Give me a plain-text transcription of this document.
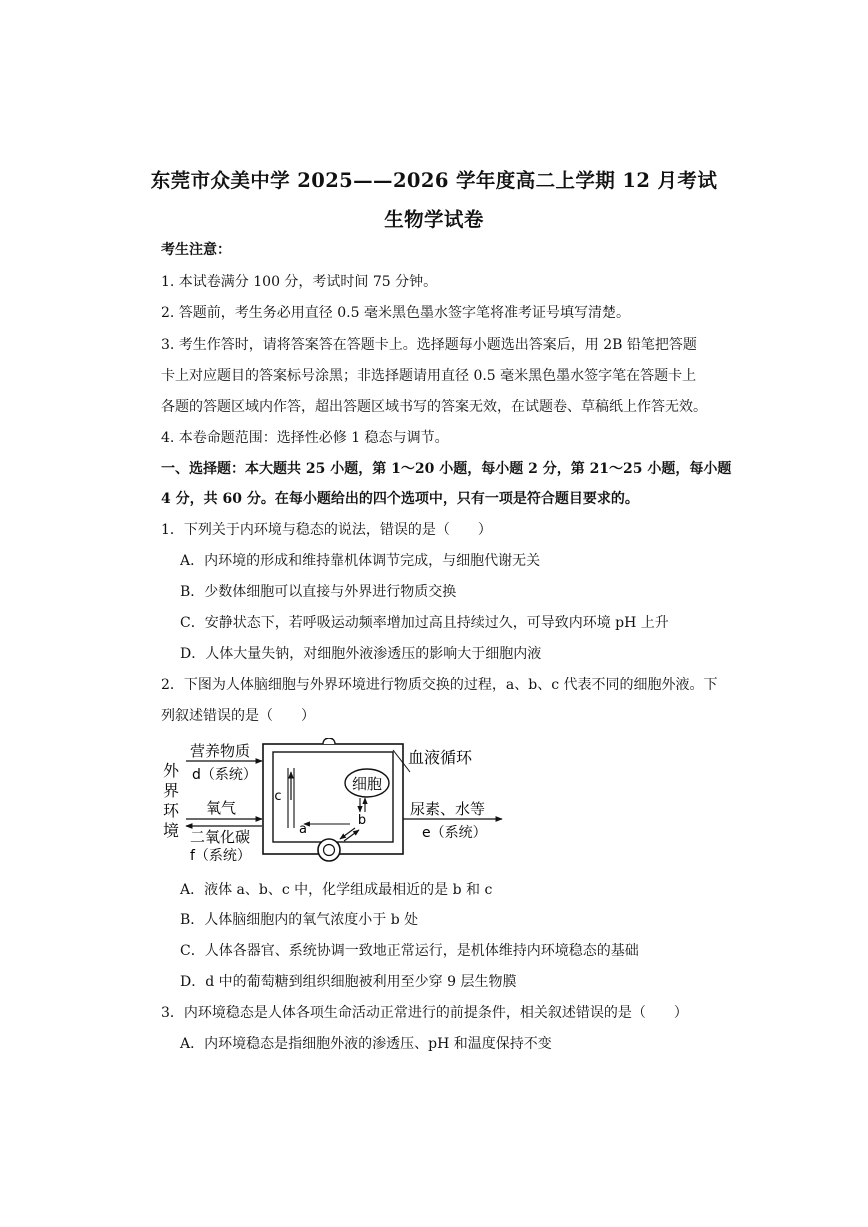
东莞市众美中学 2025——2026 学年度高二上学期 12 月考试
生物学试卷
考生注意：
1. 本试卷满分 100 分，考试时间 75 分钟。
2. 答题前，考生务必用直径 0.5 毫米黑色墨水签字笔将准考证号填写清楚。
3. 考生作答时，请将答案答在答题卡上。选择题每小题选出答案后，用 2B 铅笔把答题
卡上对应题目的答案标号涂黑；非选择题请用直径 0.5 毫米黑色墨水签字笔在答题卡上
各题的答题区域内作答，超出答题区域书写的答案无效，在试题卷、草稿纸上作答无效。
4. 本卷命题范围：选择性必修 1 稳态与调节。
一、选择题：本大题共 25 小题，第 1～20 小题，每小题 2 分，第 21～25 小题，每小题
4 分，共 60 分。在每小题给出的四个选项中，只有一项是符合题目要求的。
1．下列关于内环境与稳态的说法，错误的是（　　）
A．内环境的形成和维持靠机体调节完成，与细胞代谢无关
B．少数体细胞可以直接与外界进行物质交换
C．安静状态下，若呼吸运动频率增加过高且持续过久，可导致内环境 pH 上升
D．人体大量失钠，对细胞外液渗透压的影响大于细胞内液
2．下图为人体脑细胞与外界环境进行物质交换的过程，a、b、c 代表不同的细胞外液。下
列叙述错误的是（　　）
细胞
c
a
b
外
界
环
境
营养物质
d（系统）
氧气
二氧化碳
f（系统）
血液循环
尿素、水等
e（系统）
A．液体 a、b、c 中，化学组成最相近的是 b 和 c
B．人体脑细胞内的氧气浓度小于 b 处
C．人体各器官、系统协调一致地正常运行，是机体维持内环境稳态的基础
D．d 中的葡萄糖到组织细胞被利用至少穿 9 层生物膜
3．内环境稳态是人体各项生命活动正常进行的前提条件，相关叙述错误的是（　　）
A．内环境稳态是指细胞外液的渗透压、pH 和温度保持不变
